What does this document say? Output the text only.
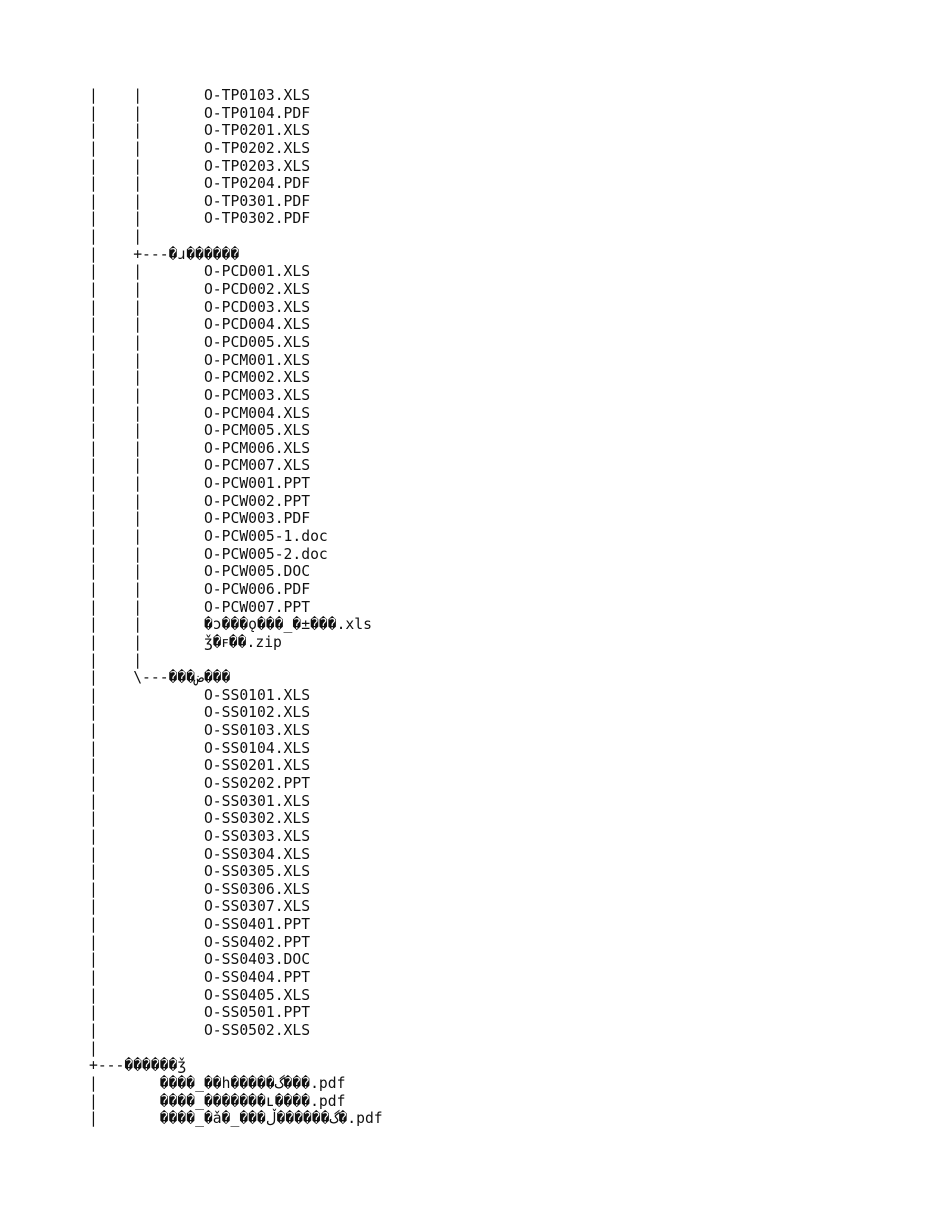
|    |       O-TP0103.XLS
|    |       O-TP0104.PDF
|    |       O-TP0201.XLS
|    |       O-TP0202.XLS
|    |       O-TP0203.XLS
|    |       O-TP0204.PDF
|    |       O-TP0301.PDF
|    |       O-TP0302.PDF
|    |
|    +---�ɹ������
|    |       O-PCD001.XLS
|    |       O-PCD002.XLS
|    |       O-PCD003.XLS
|    |       O-PCD004.XLS
|    |       O-PCD005.XLS
|    |       O-PCM001.XLS
|    |       O-PCM002.XLS
|    |       O-PCM003.XLS
|    |       O-PCM004.XLS
|    |       O-PCM005.XLS
|    |       O-PCM006.XLS
|    |       O-PCM007.XLS
|    |       O-PCW001.PPT
|    |       O-PCW002.PPT
|    |       O-PCW003.PDF
|    |       O-PCW005-1.doc
|    |       O-PCW005-2.doc
|    |       O-PCW005.DOC
|    |       O-PCW006.PDF
|    |       O-PCW007.PPT
|    |       �ɔ���ǫ���_�±���.xls
|    |       ǯ�ꜰ��.zip
|    |
|    \---���ض���
|            O-SS0101.XLS
|            O-SS0102.XLS
|            O-SS0103.XLS
|            O-SS0104.XLS
|            O-SS0201.XLS
|            O-SS0202.PPT
|            O-SS0301.XLS
|            O-SS0302.XLS
|            O-SS0303.XLS
|            O-SS0304.XLS
|            O-SS0305.XLS
|            O-SS0306.XLS
|            O-SS0307.XLS
|            O-SS0401.PPT
|            O-SS0402.PPT
|            O-SS0403.DOC
|            O-SS0404.PPT
|            O-SS0405.XLS
|            O-SS0501.PPT
|            O-SS0502.XLS
|
+---������ǯ
|       ����_��h�����گ���.pdf
|       ����_�������ʟ����.pdf
|       ����_�ǎ�_���گ������ڵ�.pdf
